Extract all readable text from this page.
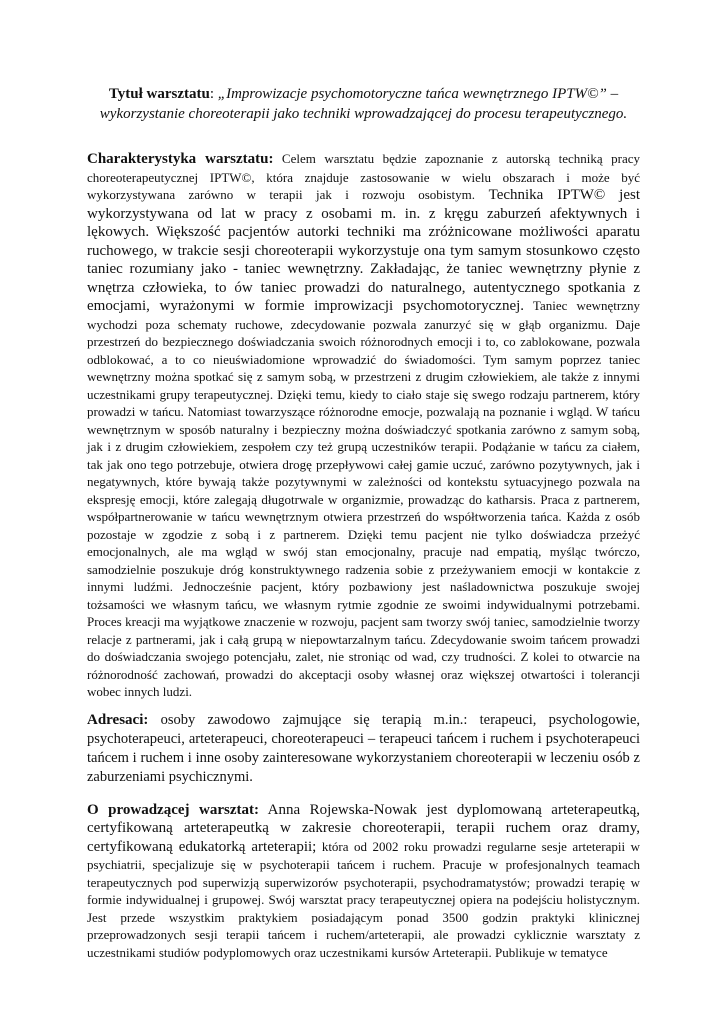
Tytuł warsztatu: „Improwizacje psychomotoryczne tańca wewnętrznego IPTW©” – wykorzystanie choreoterapii jako techniki wprowadzającej do procesu terapeutycznego.

Charakterystyka warsztatu: Celem warsztatu będzie zapoznanie z autorską techniką pracy choreoterapeutycznej IPTW©, która znajduje zastosowanie w wielu obszarach i może być wykorzystywana zarówno w terapii jak i rozwoju osobistym. Technika IPTW© jest wykorzystywana od lat w pracy z osobami m. in. z kręgu zaburzeń afektywnych i lękowych. Większość pacjentów autorki techniki ma zróżnicowane możliwości aparatu ruchowego, w trakcie sesji choreoterapii wykorzystuje ona tym samym stosunkowo często taniec rozumiany jako - taniec wewnętrzny. Zakładając, że taniec wewnętrzny płynie z wnętrza człowieka, to ów taniec prowadzi do naturalnego, autentycznego spotkania z emocjami, wyrażonymi w formie improwizacji psychomotorycznej. Taniec wewnętrzny wychodzi poza schematy ruchowe, zdecydowanie pozwala zanurzyć się w głąb organizmu. Daje przestrzeń do bezpiecznego doświadczania swoich różnorodnych emocji i to, co zablokowane, pozwala odblokować, a to co nieuświadomione wprowadzić do świadomości. Tym samym poprzez taniec wewnętrzny można spotkać się z samym sobą, w przestrzeni z drugim człowiekiem, ale także z innymi uczestnikami grupy terapeutycznej. Dzięki temu, kiedy to ciało staje się swego rodzaju partnerem, który prowadzi w tańcu. Natomiast towarzyszące różnorodne emocje, pozwalają na poznanie i wgląd. W tańcu wewnętrznym w sposób naturalny i bezpieczny można doświadczyć spotkania zarówno z samym sobą, jak i z drugim człowiekiem, zespołem czy też grupą uczestników terapii. Podążanie w tańcu za ciałem, tak jak ono tego potrzebuje, otwiera drogę przepływowi całej gamie uczuć, zarówno pozytywnych, jak i negatywnych, które bywają także pozytywnymi w zależności od kontekstu sytuacyjnego pozwala na ekspresję emocji, które zalegają długotrwale w organizmie, prowadząc do katharsis. Praca z partnerem, współpartnerowanie w tańcu wewnętrznym otwiera przestrzeń do współtworzenia tańca. Każda z osób pozostaje w zgodzie z sobą i z partnerem. Dzięki temu pacjent nie tylko doświadcza przeżyć emocjonalnych, ale ma wgląd w swój stan emocjonalny, pracuje nad empatią, myśląc twórczo, samodzielnie poszukuje dróg konstruktywnego radzenia sobie z przeżywaniem emocji w kontakcie z innymi ludźmi. Jednocześnie pacjent, który pozbawiony jest naśladownictwa poszukuje swojej tożsamości we własnym tańcu, we własnym rytmie zgodnie ze swoimi indywidualnymi potrzebami. Proces kreacji ma wyjątkowe znaczenie w rozwoju, pacjent sam tworzy swój taniec, samodzielnie tworzy relacje z partnerami, jak i całą grupą w niepowtarzalnym tańcu. Zdecydowanie swoim tańcem prowadzi do doświadczania swojego potencjału, zalet, nie stroniąc od wad, czy trudności. Z kolei to otwarcie na różnorodność zachowań, prowadzi do akceptacji osoby własnej oraz większej otwartości i tolerancji wobec innych ludzi.

Adresaci: osoby zawodowo zajmujące się terapią m.in.: terapeuci, psychologowie, psychoterapeuci, arteterapeuci, choreoterapeuci – terapeuci tańcem i ruchem i psychoterapeuci tańcem i ruchem i inne osoby zainteresowane wykorzystaniem choreoterapii w leczeniu osób z zaburzeniami psychicznymi.

O prowadzącej warsztat: Anna Rojewska-Nowak jest dyplomowaną arteterapeutką, certyfikowaną arteterapeutką w zakresie choreoterapii, terapii ruchem oraz dramy, certyfikowaną edukatorką arteterapii; która od 2002 roku prowadzi regularne sesje arteterapii w psychiatrii, specjalizuje się w psychoterapii tańcem i ruchem. Pracuje w profesjonalnych teamach terapeutycznych pod superwizją superwizorów psychoterapii, psychodramatystów; prowadzi terapię w formie indywidualnej i grupowej. Swój warsztat pracy terapeutycznej opiera na podejściu holistycznym. Jest przede wszystkim praktykiem posiadającym ponad 3500 godzin praktyki klinicznej przeprowadzonych sesji terapii tańcem i ruchem/arteterapii, ale prowadzi cyklicznie warsztaty z uczestnikami studiów podyplomowych oraz uczestnikami kursów Arteterapii. Publikuje w tematyce
